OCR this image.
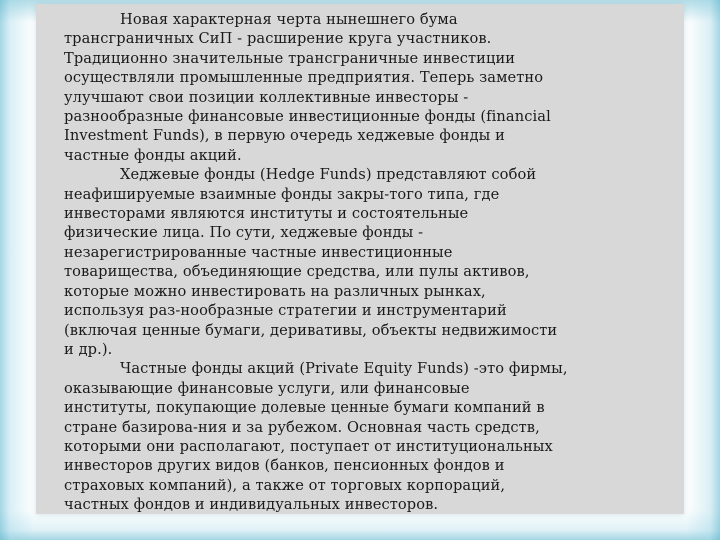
Новая характерная черта нынешнего бума
трансграничных СиП - расширение круга участников.
Традиционно значительные трансграничные инвестиции
осуществляли промышленные предприятия. Теперь заметно
улучшают свои позиции коллективные инвесторы -
разнообразные финансовые инвестиционные фонды (financial
Investment Funds), в первую очередь хеджевые фонды и
частные фонды акций.
Хеджевые фонды (Hedge Funds) представляют собой
неафишируемые взаимные фонды закры-того типа, где
инвесторами являются институты и состоятельные
физические лица. По сути, хеджевые фонды -
незарегистрированные частные инвестиционные
товарищества, объединяющие средства, или пулы активов,
которые можно инвестировать на различных рынках,
используя раз-нообразные стратегии и инструментарий
(включая ценные бумаги, деривативы, объекты недвижимости
и др.).
Частные фонды акций (Private Equity Funds) -это фирмы,
оказывающие финансовые услуги, или финансовые
институты, покупающие долевые ценные бумаги компаний в
стране базирова-ния и за рубежом. Основная часть средств,
которыми они располагают, поступает от институциональных
инвесторов других видов (банков, пенсионных фондов и
страховых компаний), а также от торговых корпораций,
частных фондов и индивидуальных инвесторов.
